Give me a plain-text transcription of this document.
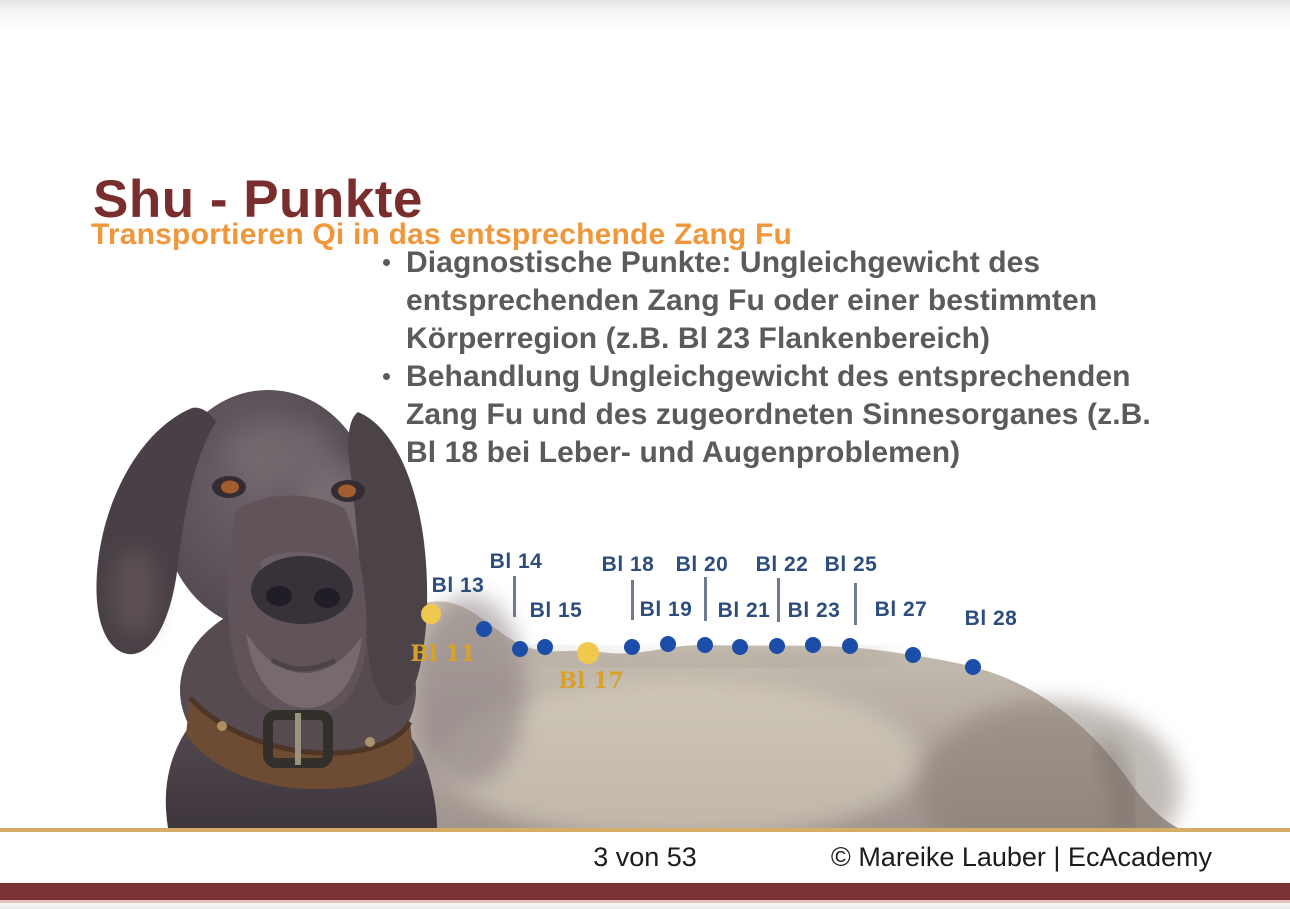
Shu - Punkte
Transportieren Qi in das entsprechende Zang Fu
Diagnostische Punkte: Ungleichgewicht des entsprechenden Zang Fu oder einer bestimmten Körperregion (z.B. Bl 23 Flankenbereich)
Behandlung Ungleichgewicht des entsprechenden Zang Fu und des zugeordneten Sinnesorganes (z.B. Bl 18 bei Leber- und Augenproblemen)
Bl 13
Bl 14
Bl 15
Bl 18
Bl 19
Bl 20
Bl 21
Bl 22
Bl 23
Bl 25
Bl 27 Bl 28
Bl 11
Bl 17
3 von 53	© Mareike Lauber | EcAcademy
